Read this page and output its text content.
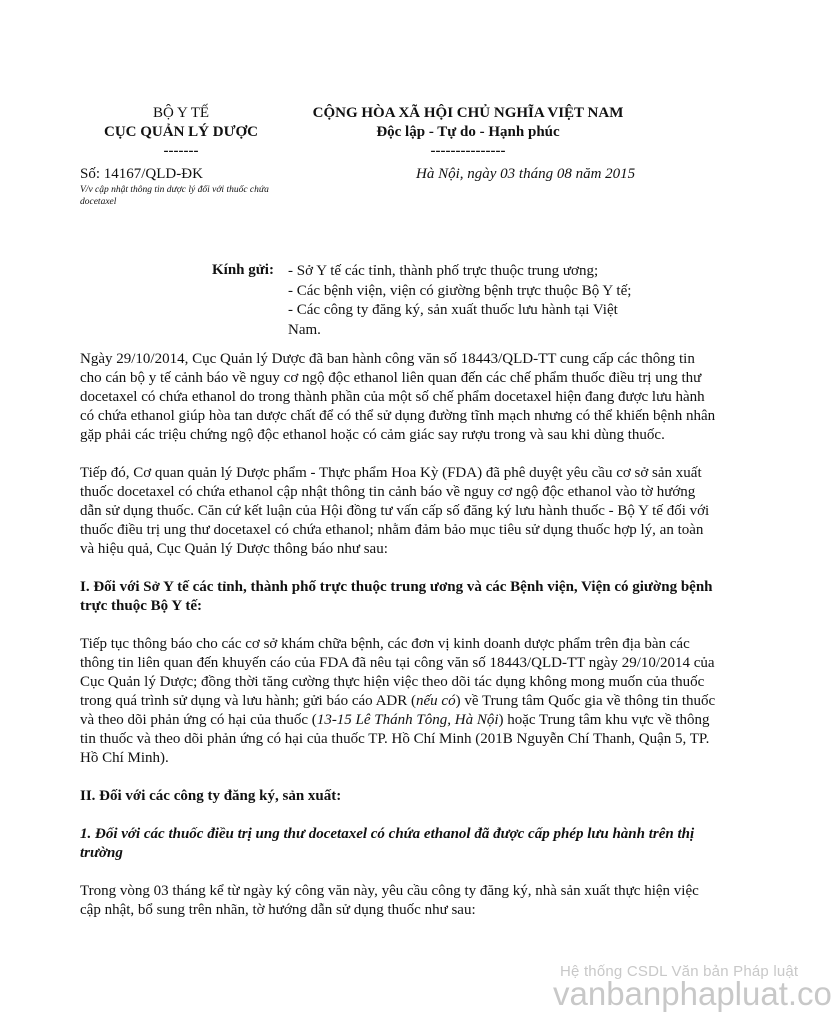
BỘ Y TẾ
CỤC QUẢN LÝ DƯỢC
-------
CỘNG HÒA XÃ HỘI CHỦ NGHĨA VIỆT NAM
Độc lập - Tự do - Hạnh phúc
---------------
Số: 14167/QLD-ĐK
V/v cập nhật thông tin dược lý đối với thuốc chứa docetaxel
Hà Nội, ngày 03 tháng 08 năm 2015
Kính gửi: - Sở Y tế các tỉnh, thành phố trực thuộc trung ương;
- Các bệnh viện, viện có giường bệnh trực thuộc Bộ Y tế;
- Các công ty đăng ký, sản xuất thuốc lưu hành tại Việt Nam.

Ngày 29/10/2014, Cục Quản lý Dược đã ban hành công văn số 18443/QLD-TT cung cấp các thông tin cho cán bộ y tế cảnh báo về nguy cơ ngộ độc ethanol liên quan đến các chế phẩm thuốc điều trị ung thư docetaxel có chứa ethanol do trong thành phần của một số chế phẩm docetaxel hiện đang được lưu hành có chứa ethanol giúp hòa tan dược chất để có thể sử dụng đường tĩnh mạch nhưng có thể khiến bệnh nhân gặp phải các triệu chứng ngộ độc ethanol hoặc có cảm giác say rượu trong và sau khi dùng thuốc.

Tiếp đó, Cơ quan quản lý Dược phẩm - Thực phẩm Hoa Kỳ (FDA) đã phê duyệt yêu cầu cơ sở sản xuất thuốc docetaxel có chứa ethanol cập nhật thông tin cảnh báo về nguy cơ ngộ độc ethanol vào tờ hướng dẫn sử dụng thuốc. Căn cứ kết luận của Hội đồng tư vấn cấp số đăng ký lưu hành thuốc - Bộ Y tế đối với thuốc điều trị ung thư docetaxel có chứa ethanol; nhằm đảm bảo mục tiêu sử dụng thuốc hợp lý, an toàn và hiệu quả, Cục Quản lý Dược thông báo như sau:

I. Đối với Sở Y tế các tỉnh, thành phố trực thuộc trung ương và các Bệnh viện, Viện có giường bệnh trực thuộc Bộ Y tế:

Tiếp tục thông báo cho các cơ sở khám chữa bệnh, các đơn vị kinh doanh dược phẩm trên địa bàn các thông tin liên quan đến khuyến cáo của FDA đã nêu tại công văn số 18443/QLD-TT ngày 29/10/2014 của Cục Quản lý Dược; đồng thời tăng cường thực hiện việc theo dõi tác dụng không mong muốn của thuốc trong quá trình sử dụng và lưu hành; gửi báo cáo ADR (nếu có) về Trung tâm Quốc gia về thông tin thuốc và theo dõi phản ứng có hại của thuốc (13-15 Lê Thánh Tông, Hà Nội) hoặc Trung tâm khu vực về thông tin thuốc và theo dõi phản ứng có hại của thuốc TP. Hồ Chí Minh (201B Nguyễn Chí Thanh, Quận 5, TP. Hồ Chí Minh).

II. Đối với các công ty đăng ký, sản xuất:

1. Đối với các thuốc điều trị ung thư docetaxel có chứa ethanol đã được cấp phép lưu hành trên thị trường

Trong vòng 03 tháng kể từ ngày ký công văn này, yêu cầu công ty đăng ký, nhà sản xuất thực hiện việc cập nhật, bổ sung trên nhãn, tờ hướng dẫn sử dụng thuốc như sau:

Hệ thống CSDL Văn bản Pháp luật
vanbanphapluat.co
